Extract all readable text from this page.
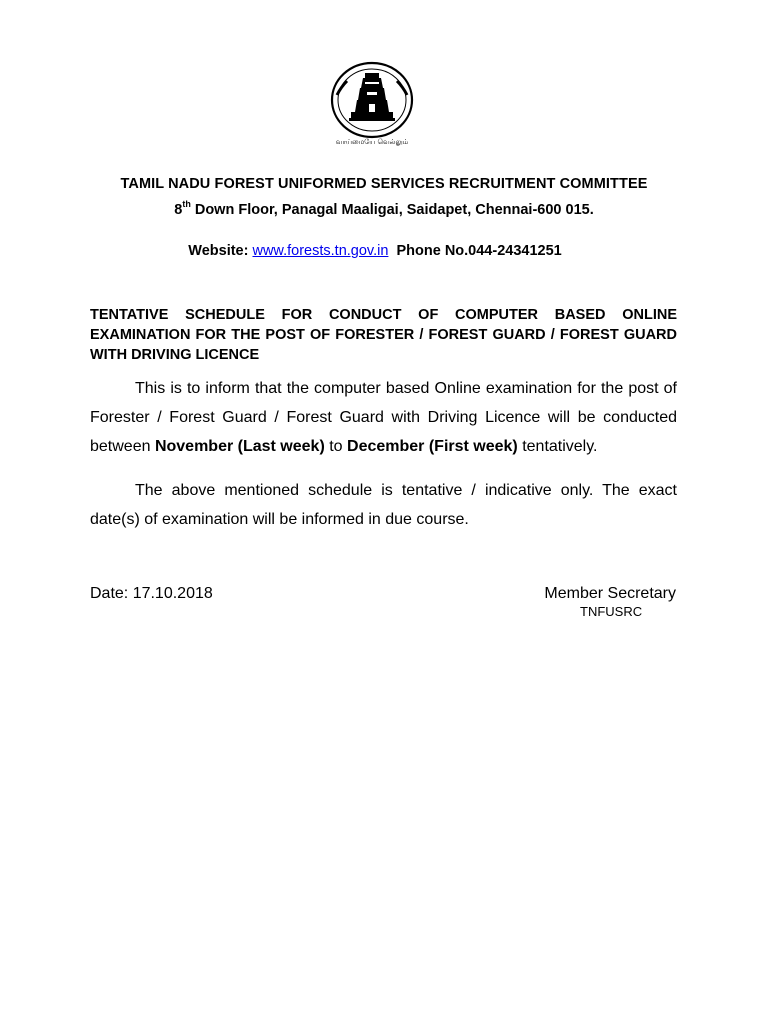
வாய்மையே வெல்லும்
TAMIL NADU FOREST UNIFORMED SERVICES RECRUITMENT COMMITTEE
8th Down Floor, Panagal Maaligai, Saidapet, Chennai-600 015.
Website: www.forests.tn.gov.in Phone No.044-24341251
TENTATIVE SCHEDULE FOR CONDUCT OF COMPUTER BASED ONLINE EXAMINATION FOR THE POST OF FORESTER / FOREST GUARD / FOREST GUARD WITH DRIVING LICENCE
This is to inform that the computer based Online examination for the post of Forester / Forest Guard / Forest Guard with Driving Licence will be conducted between November (Last week) to December (First week) tentatively.
The above mentioned schedule is tentative / indicative only. The exact date(s) of examination will be informed in due course.
Date: 17.10.2018	Member Secretary
TNFUSRC
